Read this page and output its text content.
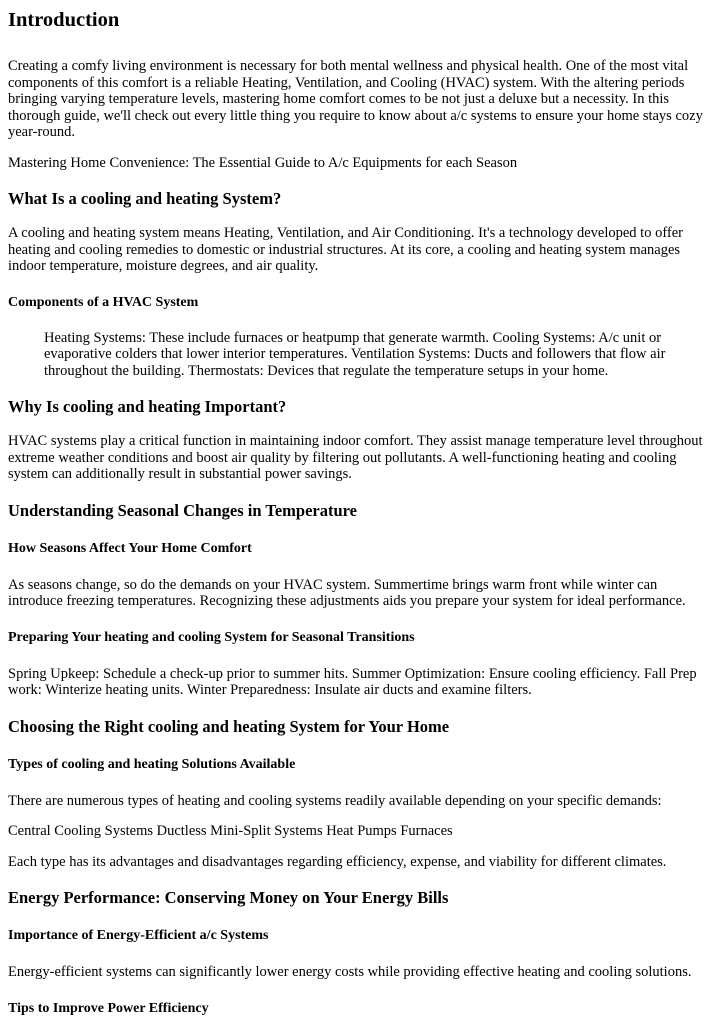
Introduction

Creating a comfy living environment is necessary for both mental wellness and physical health. One of the most vital components of this comfort is a reliable Heating, Ventilation, and Cooling (HVAC) system. With the altering periods bringing varying temperature levels, mastering home comfort comes to be not just a deluxe but a necessity. In this thorough guide, we'll check out every little thing you require to know about a/c systems to ensure your home stays cozy year-round.

Mastering Home Convenience: The Essential Guide to A/c Equipments for each Season

What Is a cooling and heating System?

A cooling and heating system means Heating, Ventilation, and Air Conditioning. It's a technology developed to offer heating and cooling remedies to domestic or industrial structures. At its core, a cooling and heating system manages indoor temperature, moisture degrees, and air quality.

Components of a HVAC System
Heating Systems: These include furnaces or heatpump that generate warmth. Cooling Systems: A/c unit or evaporative colders that lower interior temperatures. Ventilation Systems: Ducts and followers that flow air throughout the building. Thermostats: Devices that regulate the temperature setups in your home.
Why Is cooling and heating Important?

HVAC systems play a critical function in maintaining indoor comfort. They assist manage temperature level throughout extreme weather conditions and boost air quality by filtering out pollutants. A well-functioning heating and cooling system can additionally result in substantial power savings.

Understanding Seasonal Changes in Temperature
How Seasons Affect Your Home Comfort

As seasons change, so do the demands on your HVAC system. Summertime brings warm front while winter can introduce freezing temperatures. Recognizing these adjustments aids you prepare your system for ideal performance.

Preparing Your heating and cooling System for Seasonal Transitions

Spring Upkeep: Schedule a check-up prior to summer hits. Summer Optimization: Ensure cooling efficiency. Fall Prep work: Winterize heating units. Winter Preparedness: Insulate air ducts and examine filters.

Choosing the Right cooling and heating System for Your Home
Types of cooling and heating Solutions Available

There are numerous types of heating and cooling systems readily available depending on your specific demands:

Central Cooling Systems Ductless Mini-Split Systems Heat Pumps Furnaces

Each type has its advantages and disadvantages regarding efficiency, expense, and viability for different climates.

Energy Performance: Conserving Money on Your Energy Bills
Importance of Energy-Efficient a/c Systems

Energy-efficient systems can significantly lower energy costs while providing effective heating and cooling solutions.

Tips to Improve Power Efficiency
